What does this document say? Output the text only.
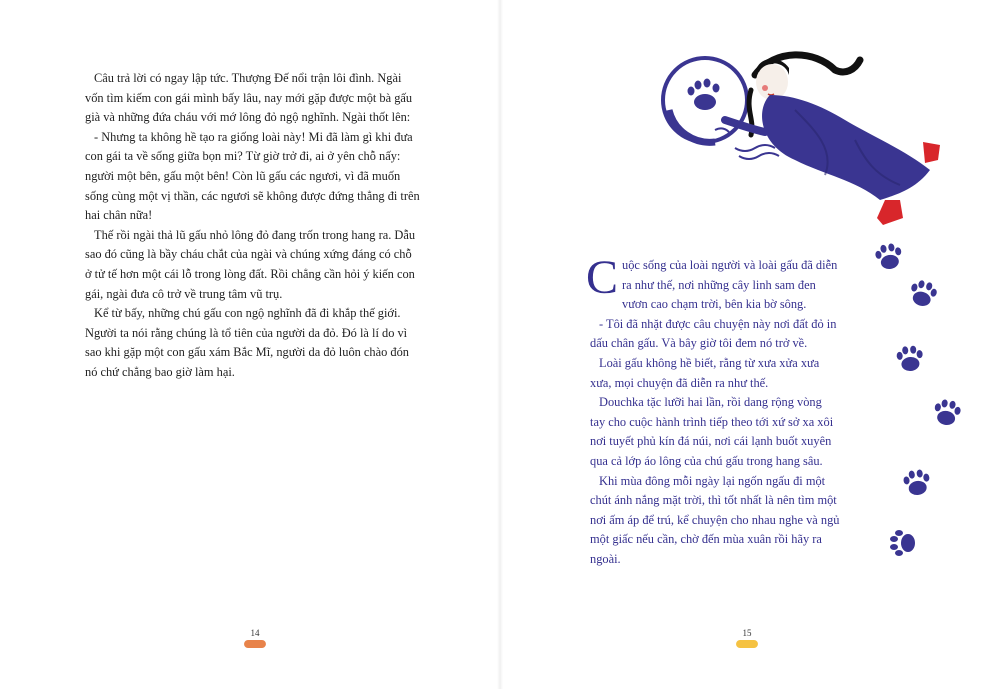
Câu trả lời có ngay lập tức. Thượng Đế nổi trận lôi đình. Ngài vốn tìm kiếm con gái mình bấy lâu, nay mới gặp được một bà gấu già và những đứa cháu với mớ lông đỏ ngộ nghĩnh. Ngài thốt lên:

- Nhưng ta không hề tạo ra giống loài này! Mi đã làm gì khi đưa con gái ta về sống giữa bọn mi? Từ giờ trở đi, ai ở yên chỗ nấy: người một bên, gấu một bên! Còn lũ gấu các ngươi, vì đã muốn sống cùng một vị thần, các ngươi sẽ không được đứng thẳng đi trên hai chân nữa!

Thế rồi ngài thả lũ gấu nhỏ lông đỏ đang trốn trong hang ra. Dẫu sao đó cũng là bầy cháu chắt của ngài và chúng xứng đáng có chỗ ở tử tế hơn một cái lỗ trong lòng đất. Rồi chẳng cần hỏi ý kiến con gái, ngài đưa cô trở về trung tâm vũ trụ.

Kể từ bấy, những chú gấu con ngộ nghĩnh đã đi khắp thế giới. Người ta nói rằng chúng là tổ tiên của người da đỏ. Đó là lí do vì sao khi gặp một con gấu xám Bắc Mĩ, người da đỏ luôn chào đón nó chứ chẳng bao giờ làm hại.

14

Cuộc sống của loài người và loài gấu đã diễn ra như thế, nơi những cây linh sam đen vươn cao chạm trời, bên kia bờ sông.

- Tôi đã nhặt được câu chuyện này nơi đất đỏ in dấu chân gấu. Và bây giờ tôi đem nó trở về.

Loài gấu không hề biết, rằng từ xưa xửa xưa xưa, mọi chuyện đã diễn ra như thế.

Douchka tặc lưỡi hai lần, rồi dang rộng vòng tay cho cuộc hành trình tiếp theo tới xứ sở xa xôi nơi tuyết phủ kín đá núi, nơi cái lạnh buốt xuyên qua cả lớp áo lông của chú gấu trong hang sâu.

Khi mùa đông mỗi ngày lại ngốn ngấu đi một chút ánh nắng mặt trời, thì tốt nhất là nên tìm một nơi ấm áp để trú, kể chuyện cho nhau nghe và ngủ một giấc nếu cần, chờ đến mùa xuân rồi hãy ra ngoài.

15
